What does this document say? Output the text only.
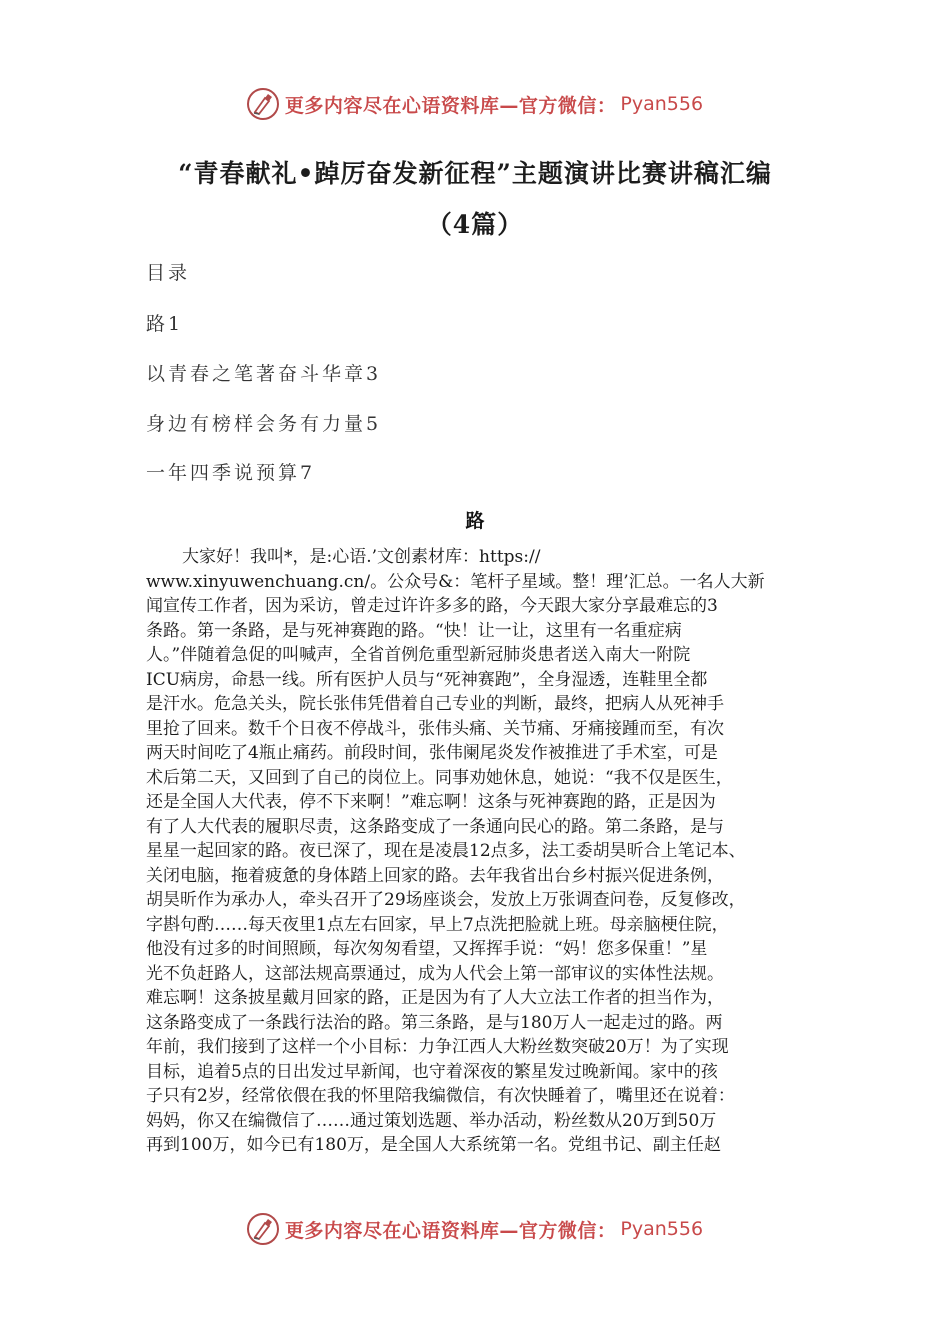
更多内容尽在心语资料库—官方微信： Pyan556
“青春献礼•踔厉奋发新征程”主题演讲比赛讲稿汇编
（4篇）
目录
路1
以青春之笔著奋斗华章3
身边有榜样会务有力量5
一年四季说预算7
路
大家好！我叫*，是:心语.’文创素材库：https://
www.xinyuwenchuang.cn/。公众号&：笔杆子星域。整！理’汇总。一名人大新
闻宣传工作者，因为采访，曾走过许许多多的路，今天跟大家分享最难忘的3
条路。第一条路，是与死神赛跑的路。“快！让一让，这里有一名重症病
人。”伴随着急促的叫喊声，全省首例危重型新冠肺炎患者送入南大一附院
ICU病房，命悬一线。所有医护人员与“死神赛跑”，全身湿透，连鞋里全都
是汗水。危急关头，院长张伟凭借着自己专业的判断，最终，把病人从死神手
里抢了回来。数千个日夜不停战斗，张伟头痛、关节痛、牙痛接踵而至，有次
两天时间吃了4瓶止痛药。前段时间，张伟阑尾炎发作被推进了手术室，可是
术后第二天，又回到了自己的岗位上。同事劝她休息，她说：“我不仅是医生，
还是全国人大代表，停不下来啊！”难忘啊！这条与死神赛跑的路，正是因为
有了人大代表的履职尽责，这条路变成了一条通向民心的路。第二条路，是与
星星一起回家的路。夜已深了，现在是凌晨12点多，法工委胡昊昕合上笔记本、
关闭电脑，拖着疲惫的身体踏上回家的路。去年我省出台乡村振兴促进条例，
胡昊昕作为承办人，牵头召开了29场座谈会，发放上万张调查问卷，反复修改，
字斟句酌……每天夜里1点左右回家，早上7点洗把脸就上班。母亲脑梗住院，
他没有过多的时间照顾，每次匆匆看望，又挥挥手说：“妈！您多保重！”星
光不负赶路人，这部法规高票通过，成为人代会上第一部审议的实体性法规。
难忘啊！这条披星戴月回家的路，正是因为有了人大立法工作者的担当作为，
这条路变成了一条践行法治的路。第三条路，是与180万人一起走过的路。两
年前，我们接到了这样一个小目标：力争江西人大粉丝数突破20万！为了实现
目标，追着5点的日出发过早新闻，也守着深夜的繁星发过晚新闻。家中的孩
子只有2岁，经常依偎在我的怀里陪我编微信，有次快睡着了，嘴里还在说着：
妈妈，你又在编微信了……通过策划选题、举办活动，粉丝数从20万到50万
再到100万，如今已有180万，是全国人大系统第一名。党组书记、副主任赵
更多内容尽在心语资料库—官方微信： Pyan556
